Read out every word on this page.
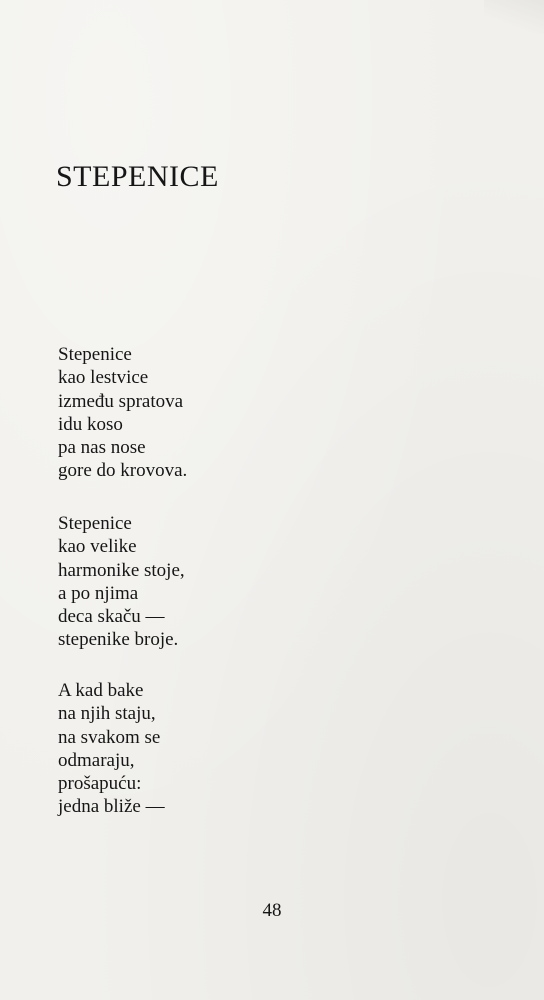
STEPENICE
Stepenice
kao lestvice
između spratova
idu koso
pa nas nose
gore do krovova.
Stepenice
kao velike
harmonike stoje,
a po njima
deca skaču —
stepenike broje.
A kad bake
na njih staju,
na svakom se
odmaraju,
prošapuću:
jedna bliže —
48
